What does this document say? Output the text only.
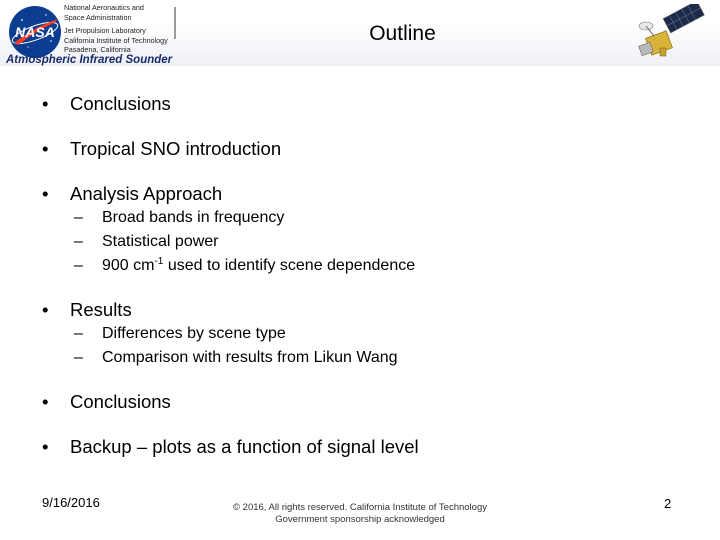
NASA
National Aeronautics and
Space Administration
Jet Propulsion Laboratory
California Institute of Technology
Pasadena, California
Atmospheric Infrared Sounder
Outline
• Conclusions
• Tropical SNO introduction
• Analysis Approach
– Broad bands in frequency
– Statistical power
– 900 $cm^{-1}$ used to identify scene dependence
• Results
– Differences by scene type
– Comparison with results from Likun Wang
• Conclusions
• Backup – plots as a function of signal level
9/16/2016	© 2016, All rights reserved. California Institute of Technology
Government sponsorship acknowledged
2
